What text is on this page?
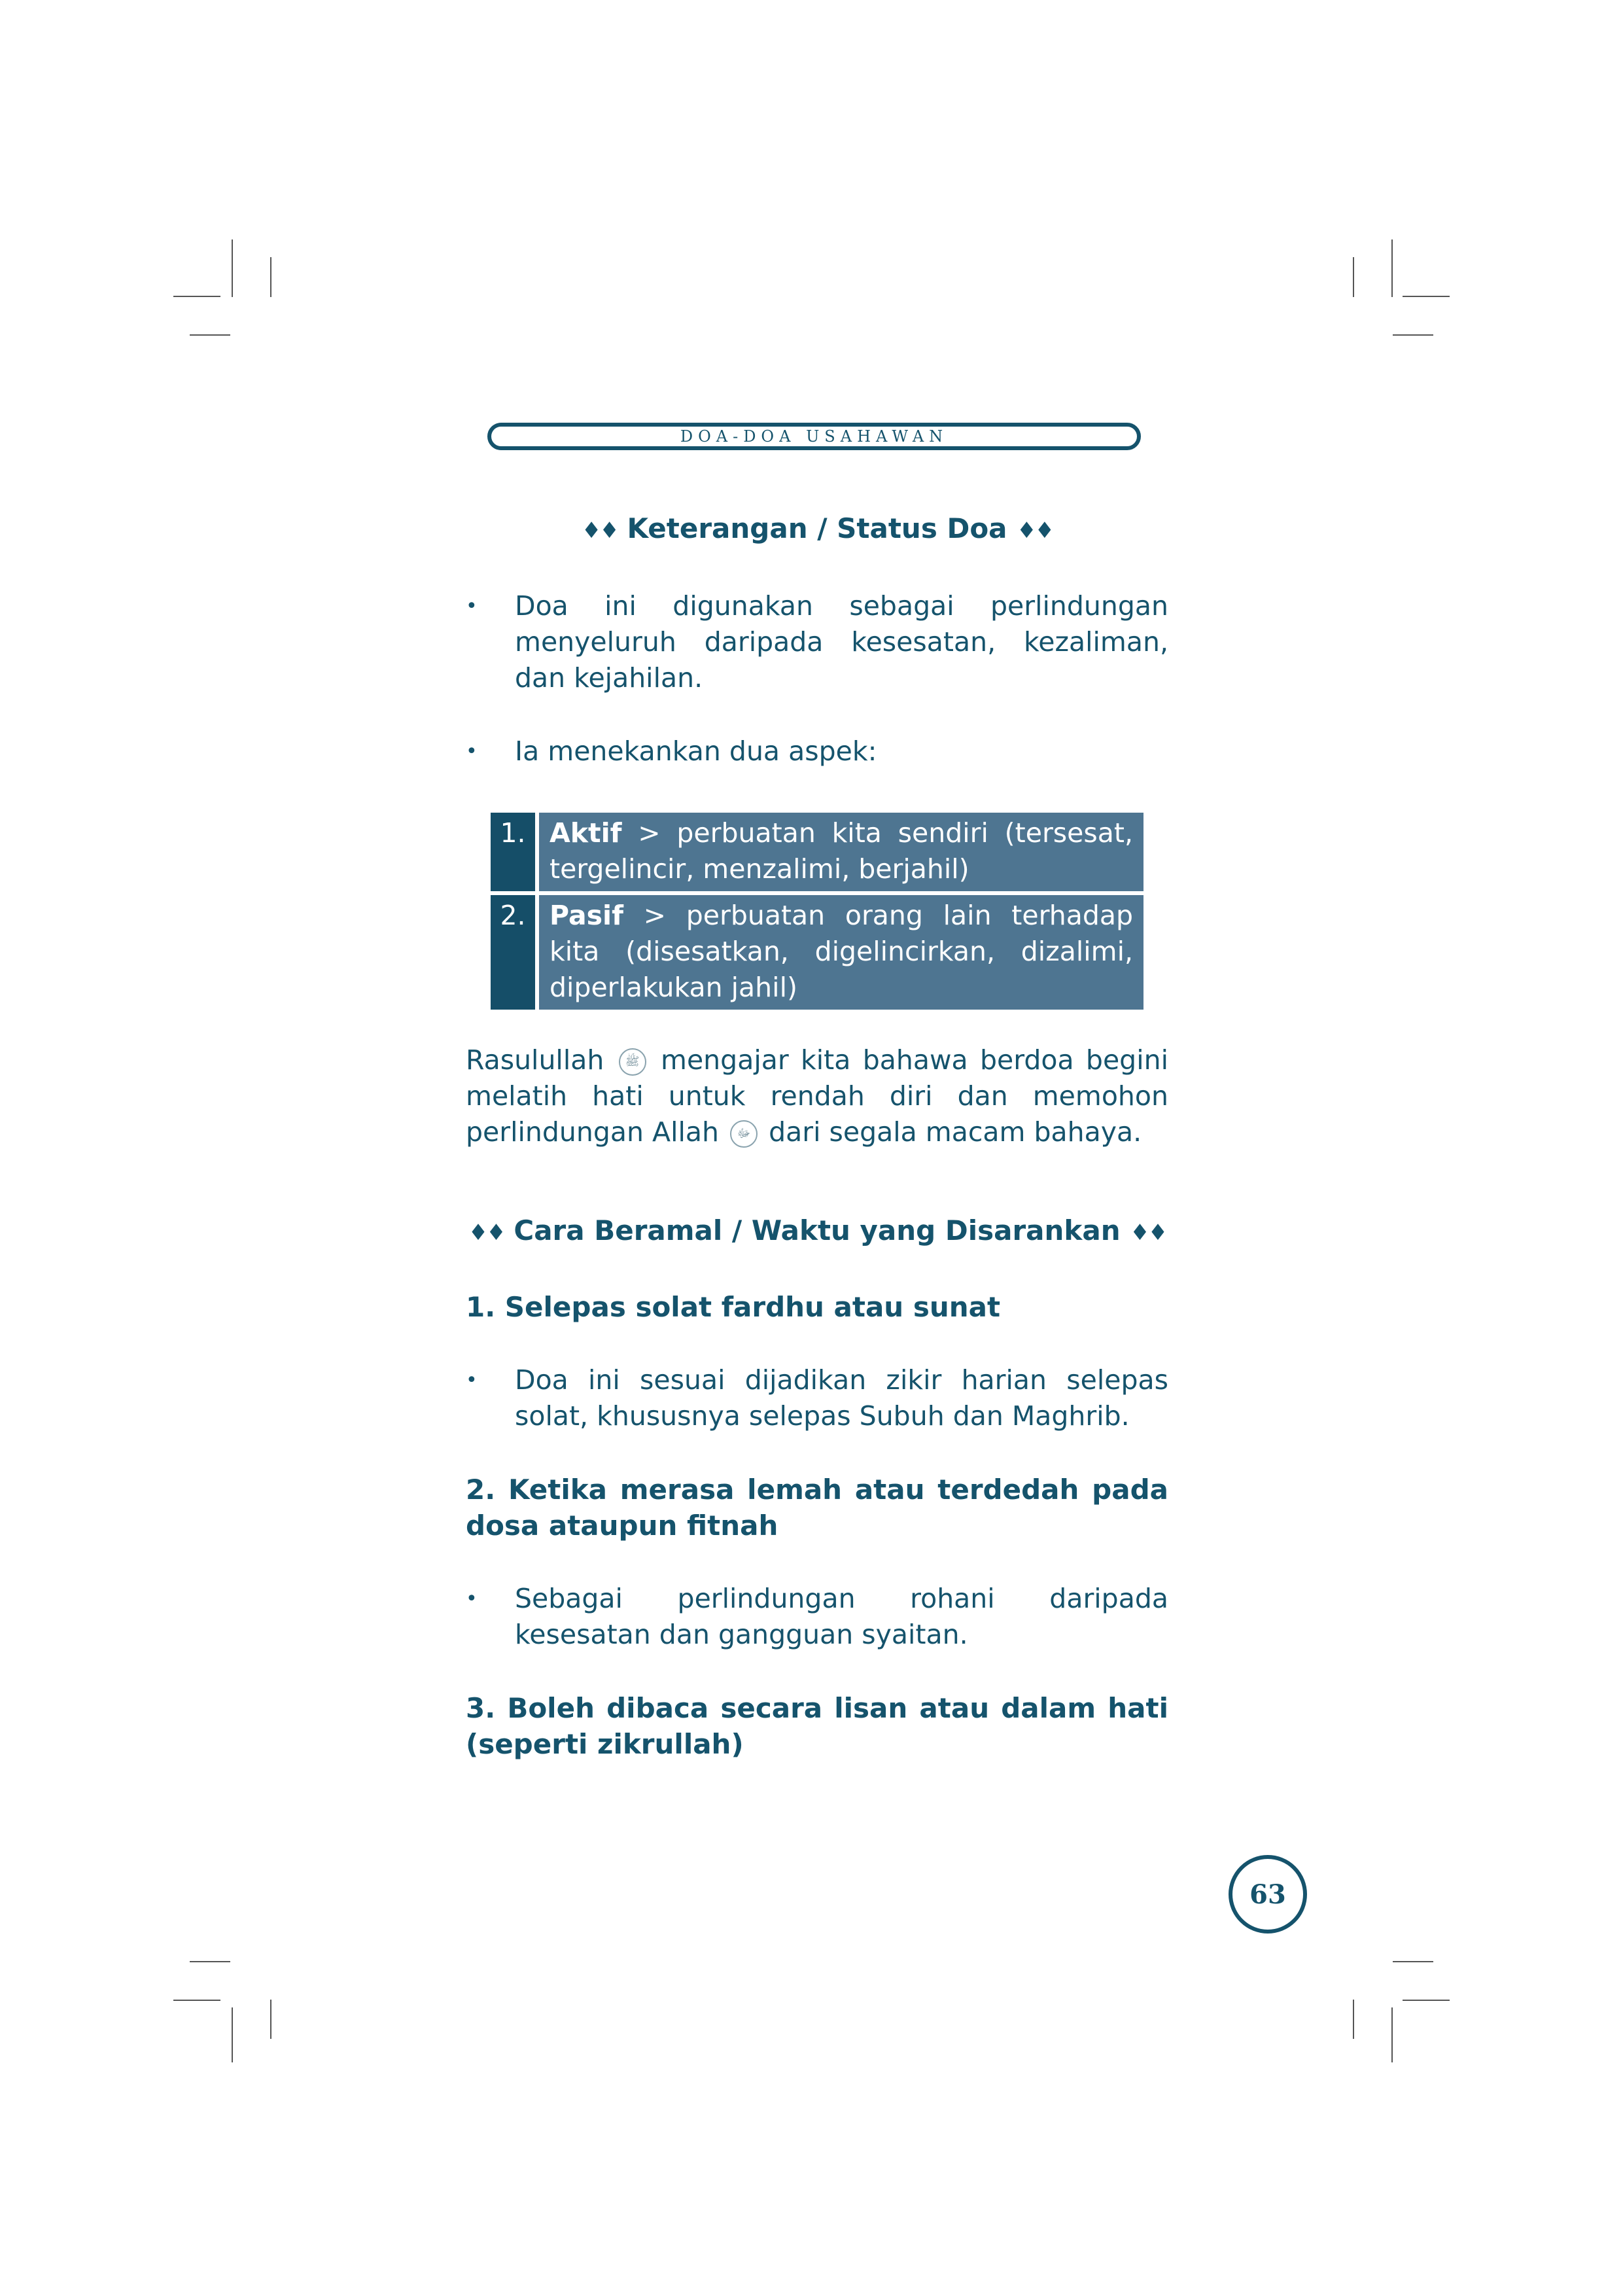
DOA-DOA USAHAWAN
♦♦ Keterangan / Status Doa ♦♦
•	Doa ini digunakan sebagai perlindungan menyeluruh daripada kesesatan, kezaliman, dan kejahilan.
•	Ia menekankan dua aspek:
1.	Aktif > perbuatan kita sendiri (tersesat, tergelincir, menzalimi, berjahil)
2.	Pasif > perbuatan orang lain terhadap kita (disesatkan, digelincirkan, dizalimi, diperlakukan jahil)
Rasulullah ﷺ mengajar kita bahawa berdoa begini melatih hati untuk rendah diri dan memohon perlindungan Allah ﷻ dari segala macam bahaya.
♦♦ Cara Beramal / Waktu yang Disarankan ♦♦
1. Selepas solat fardhu atau sunat
•	Doa ini sesuai dijadikan zikir harian selepas solat, khususnya selepas Subuh dan Maghrib.
2. Ketika merasa lemah atau terdedah pada dosa ataupun fitnah
•	Sebagai perlindungan rohani daripada kesesatan dan gangguan syaitan.
3. Boleh dibaca secara lisan atau dalam hati (seperti zikrullah)
63
